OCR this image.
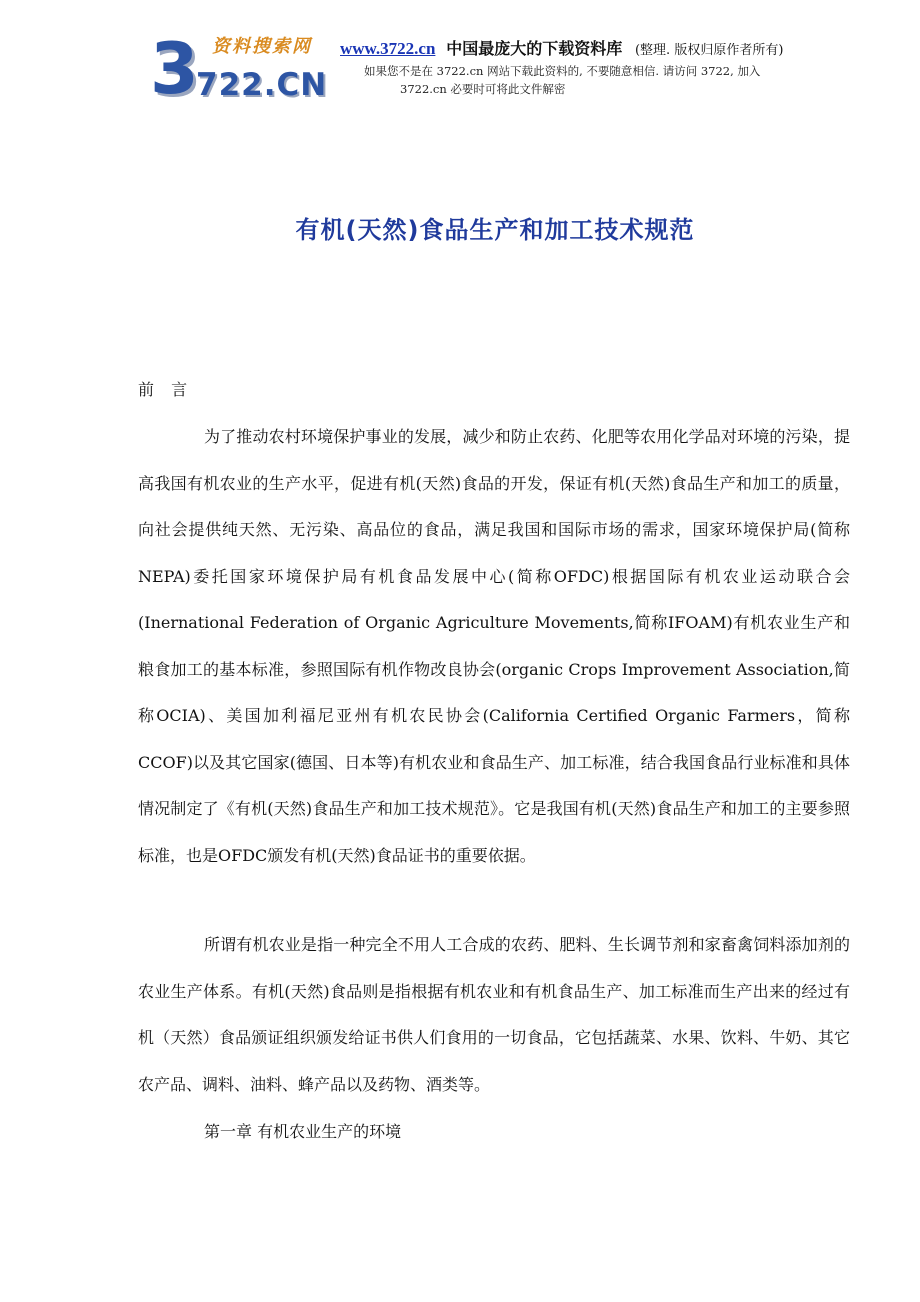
3 资料搜索网
722.CN
www.3722.cn 中国最庞大的下载资料库 (整理. 版权归原作者所有)
如果您不是在 3722.cn 网站下载此资料的, 不要随意相信. 请访问 3722, 加入
3722.cn 必要时可将此文件解密
有机(天然)食品生产和加工技术规范
前 言

为了推动农村环境保护事业的发展，减少和防止农药、化肥等农用化学品对环境的污染，提高我国有机农业的生产水平，促进有机(天然)食品的开发，保证有机(天然)食品生产和加工的质量，向社会提供纯天然、无污染、高品位的食品，满足我国和国际市场的需求，国家环境保护局(简称NEPA)委托国家环境保护局有机食品发展中心(简称OFDC)根据国际有机农业运动联合会(Inernational Federation of Organic Agriculture Movements,简称IFOAM)有机农业生产和粮食加工的基本标准，参照国际有机作物改良协会(organic Crops Improvement Association,简称OCIA)、美国加利福尼亚州有机农民协会(California Certified Organic Farmers，简称CCOF)以及其它国家(德国、日本等)有机农业和食品生产、加工标准，结合我国食品行业标准和具体情况制定了《有机(天然)食品生产和加工技术规范》。它是我国有机(天然)食品生产和加工的主要参照标准，也是OFDC颁发有机(天然)食品证书的重要依据。

所谓有机农业是指一种完全不用人工合成的农药、肥料、生长调节剂和家畜禽饲料添加剂的农业生产体系。有机(天然)食品则是指根据有机农业和有机食品生产、加工标准而生产出来的经过有机（天然）食品颁证组织颁发给证书供人们食用的一切食品，它包括蔬菜、水果、饮料、牛奶、其它农产品、调料、油料、蜂产品以及药物、酒类等。

第一章 有机农业生产的环境
